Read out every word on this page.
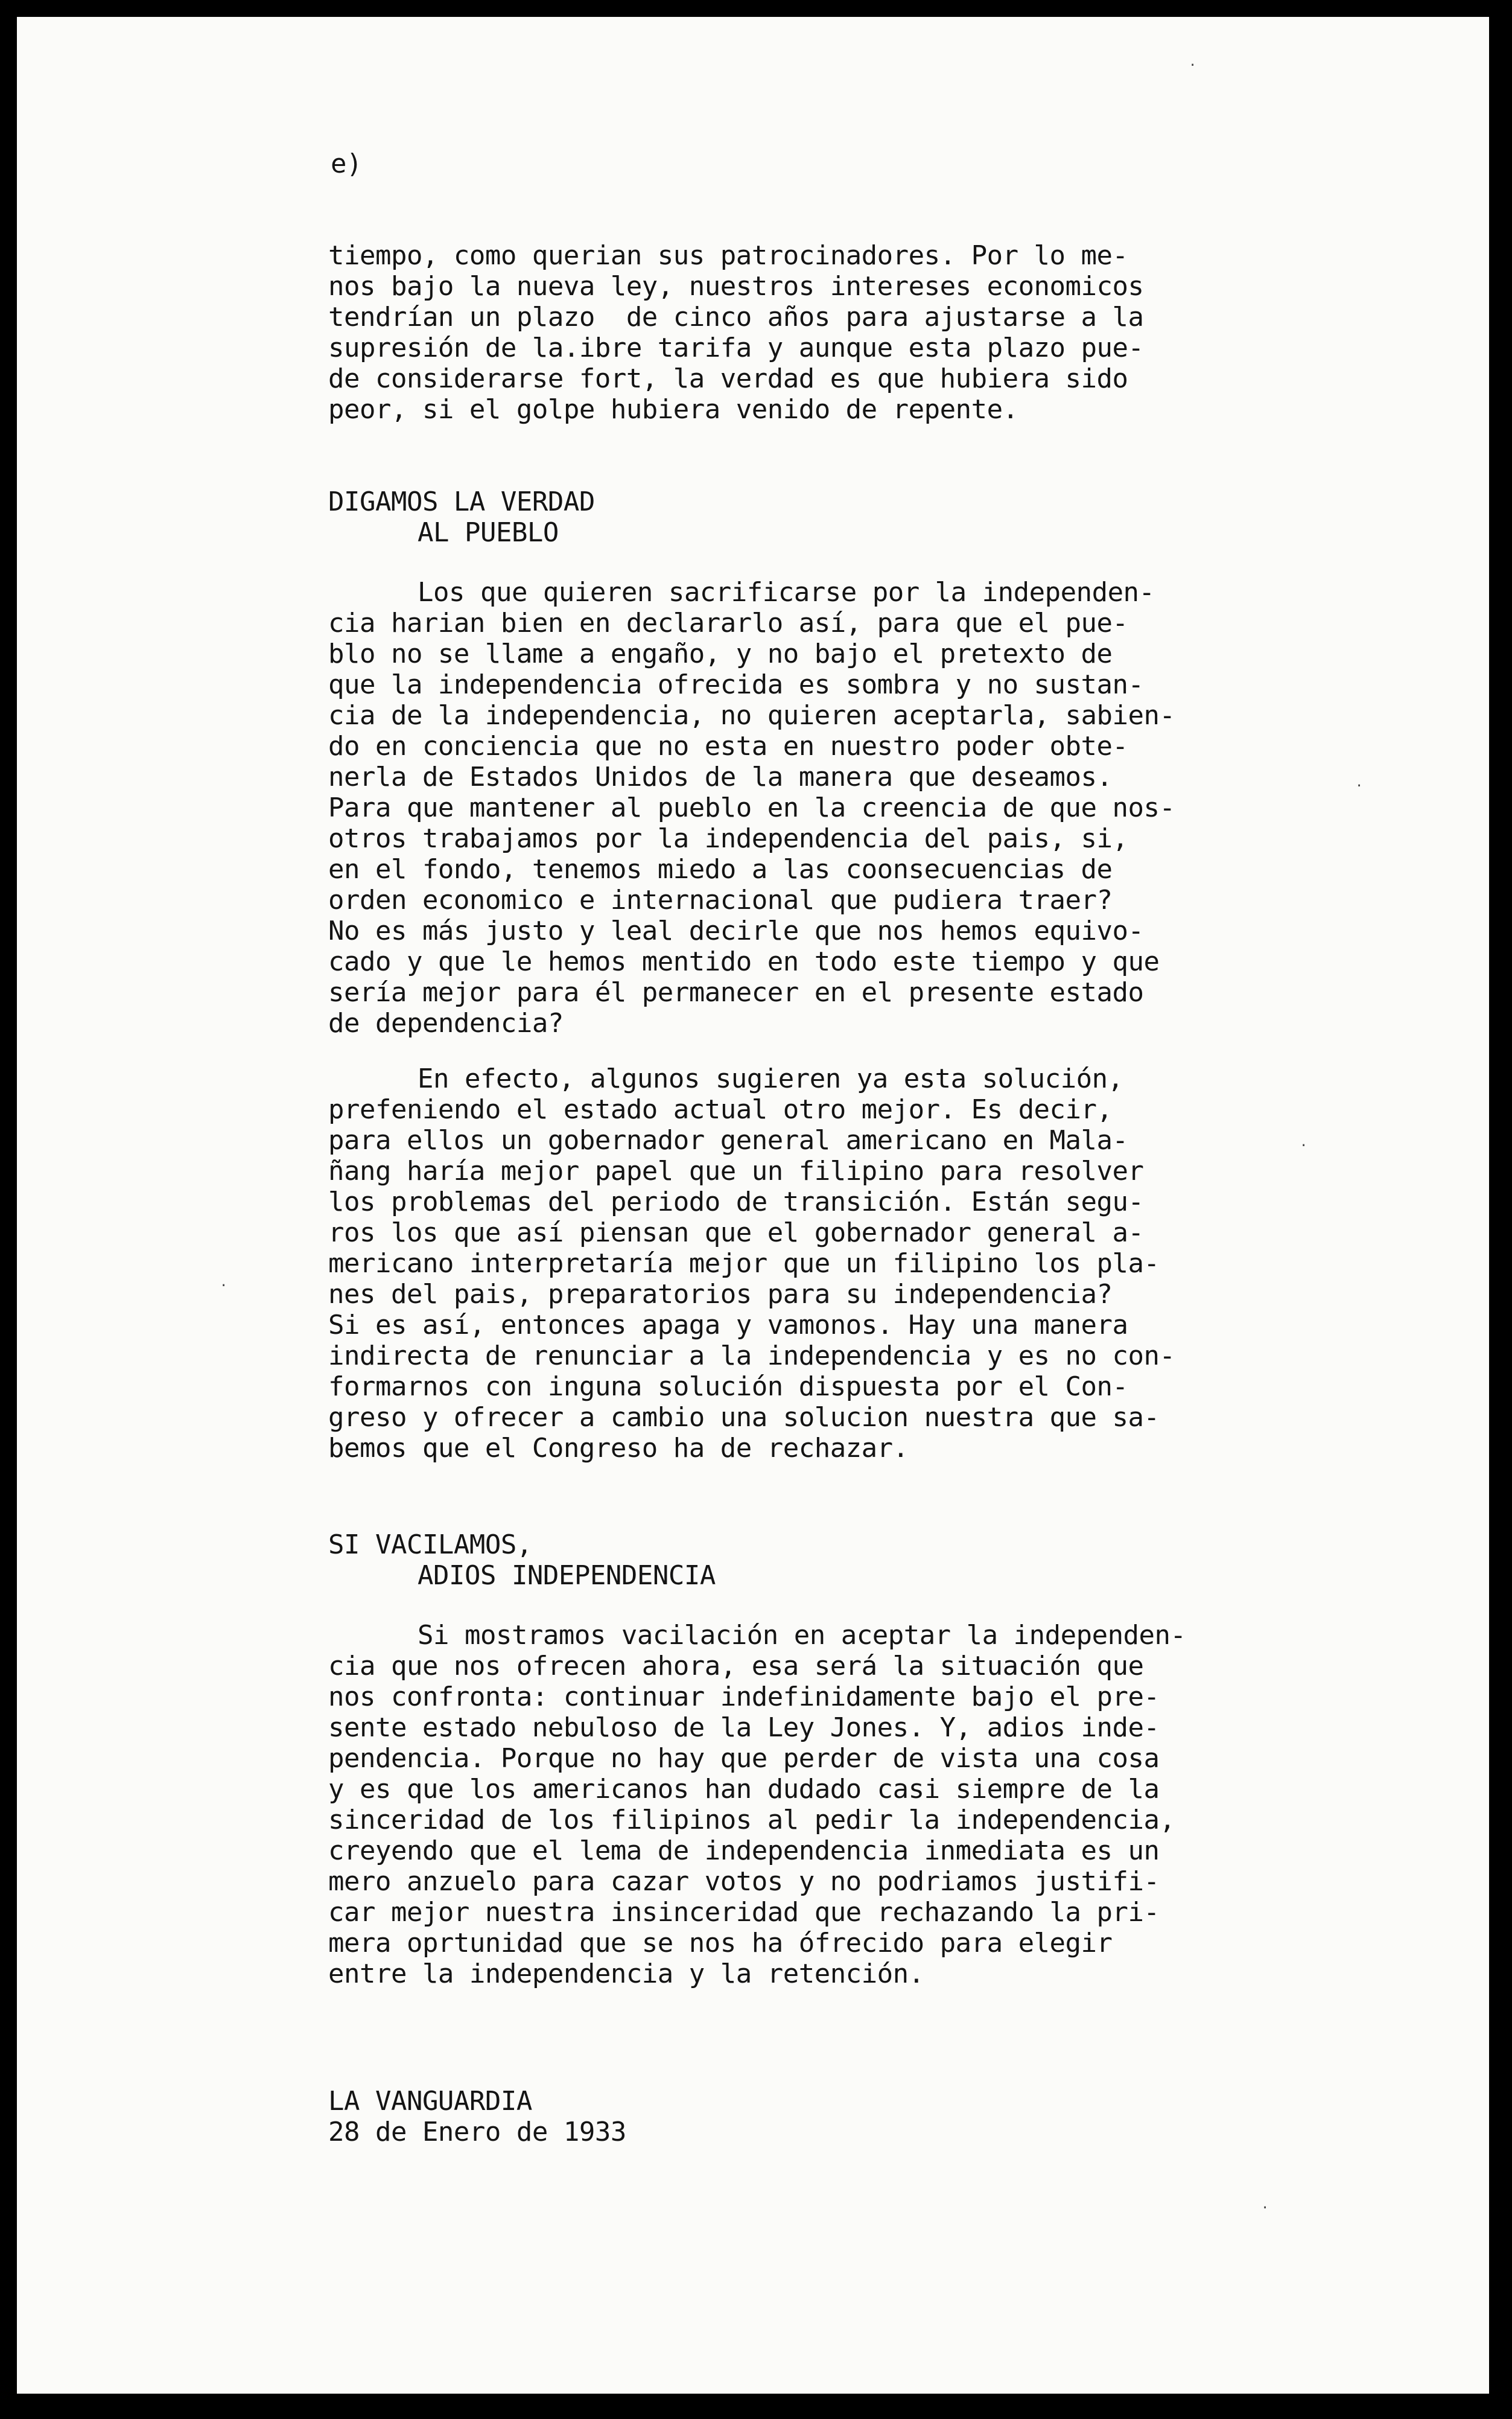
e)
tiempo, como querian sus patrocinadores. Por lo me-
nos bajo la nueva ley, nuestros intereses economicos
tendrían un plazo  de cinco años para ajustarse a la
supresión de la.ibre tarifa y aunque esta plazo pue-
de considerarse fort, la verdad es que hubiera sido
peor, si el golpe hubiera venido de repente.
DIGAMOS LA VERDAD
AL PUEBLO
Los que quieren sacrificarse por la independen-
cia harian bien en declararlo así, para que el pue-
blo no se llame a engaño, y no bajo el pretexto de
que la independencia ofrecida es sombra y no sustan-
cia de la independencia, no quieren aceptarla, sabien-
do en conciencia que no esta en nuestro poder obte-
nerla de Estados Unidos de la manera que deseamos.
Para que mantener al pueblo en la creencia de que nos-
otros trabajamos por la independencia del pais, si,
en el fondo, tenemos miedo a las coonsecuencias de
orden economico e internacional que pudiera traer?
No es más justo y leal decirle que nos hemos equivo-
cado y que le hemos mentido en todo este tiempo y que
sería mejor para él permanecer en el presente estado
de dependencia?
En efecto, algunos sugieren ya esta solución,
prefeniendo el estado actual otro mejor. Es decir,
para ellos un gobernador general americano en Mala-
ñang haría mejor papel que un filipino para resolver
los problemas del periodo de transición. Están segu-
ros los que así piensan que el gobernador general a-
mericano interpretaría mejor que un filipino los pla-
nes del pais, preparatorios para su independencia?
Si es así, entonces apaga y vamonos. Hay una manera
indirecta de renunciar a la independencia y es no con-
formarnos con inguna solución dispuesta por el Con-
greso y ofrecer a cambio una solucion nuestra que sa-
bemos que el Congreso ha de rechazar.
SI VACILAMOS,
ADIOS INDEPENDENCIA
Si mostramos vacilación en aceptar la independen-
cia que nos ofrecen ahora, esa será la situación que
nos confronta: continuar indefinidamente bajo el pre-
sente estado nebuloso de la Ley Jones. Y, adios inde-
pendencia. Porque no hay que perder de vista una cosa
y es que los americanos han dudado casi siempre de la
sinceridad de los filipinos al pedir la independencia,
creyendo que el lema de independencia inmediata es un
mero anzuelo para cazar votos y no podriamos justifi-
car mejor nuestra insinceridad que rechazando la pri-
mera oprtunidad que se nos ha ófrecido para elegir
entre la independencia y la retención.
LA VANGUARDIA
28 de Enero de 1933
·
·
·
·
·
